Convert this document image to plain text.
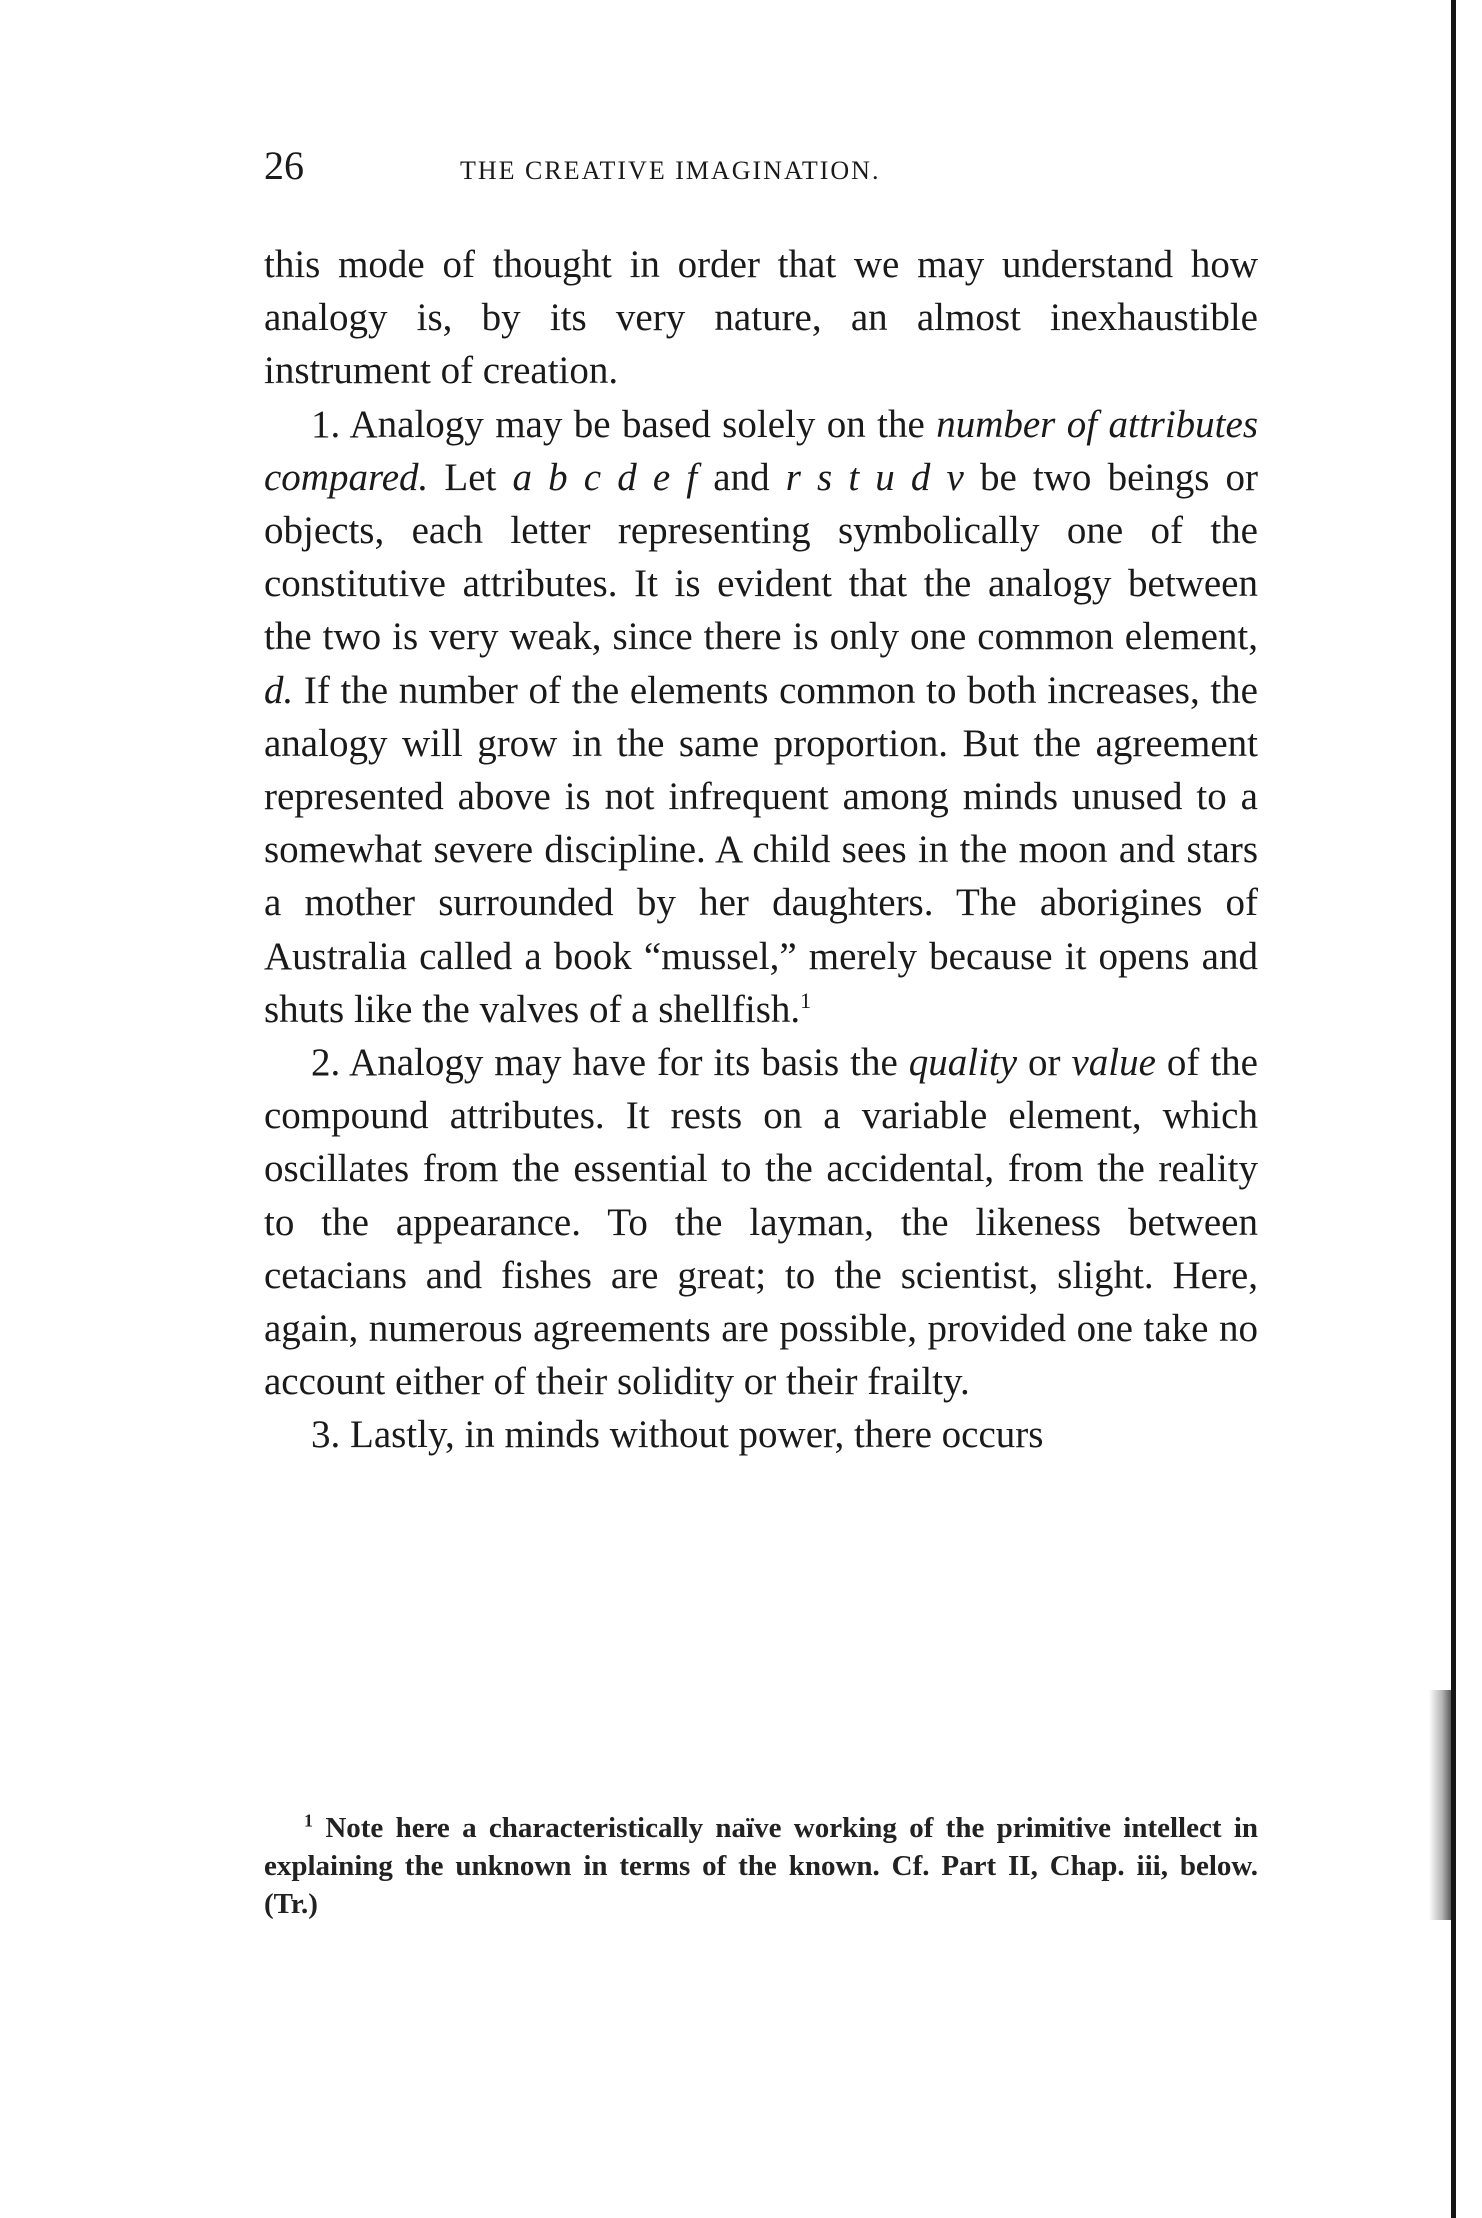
26	THE CREATIVE IMAGINATION.

this mode of thought in order that we may understand how analogy is, by its very nature, an almost inexhaustible instrument of creation.

1. Analogy may be based solely on the number of attributes compared. Let a b c d e f and r s t u d v be two beings or objects, each letter representing symbolically one of the constitutive attributes. It is evident that the analogy between the two is very weak, since there is only one common element, d. If the number of the elements common to both increases, the analogy will grow in the same proportion. But the agreement represented above is not infrequent among minds unused to a somewhat severe discipline. A child sees in the moon and stars a mother surrounded by her daughters. The aborigines of Australia called a book “mussel,” merely because it opens and shuts like the valves of a shellfish.$^1$

2. Analogy may have for its basis the quality or value of the compound attributes. It rests on a variable element, which oscillates from the essential to the accidental, from the reality to the appearance. To the layman, the likeness between cetacians and fishes are great; to the scientist, slight. Here, again, numerous agreements are possible, provided one take no account either of their solidity or their frailty.

3. Lastly, in minds without power, there occurs

$^1$ Note here a characteristically naïve working of the primitive intellect in explaining the unknown in terms of the known. Cf. Part II, Chap. iii, below. (Tr.)
